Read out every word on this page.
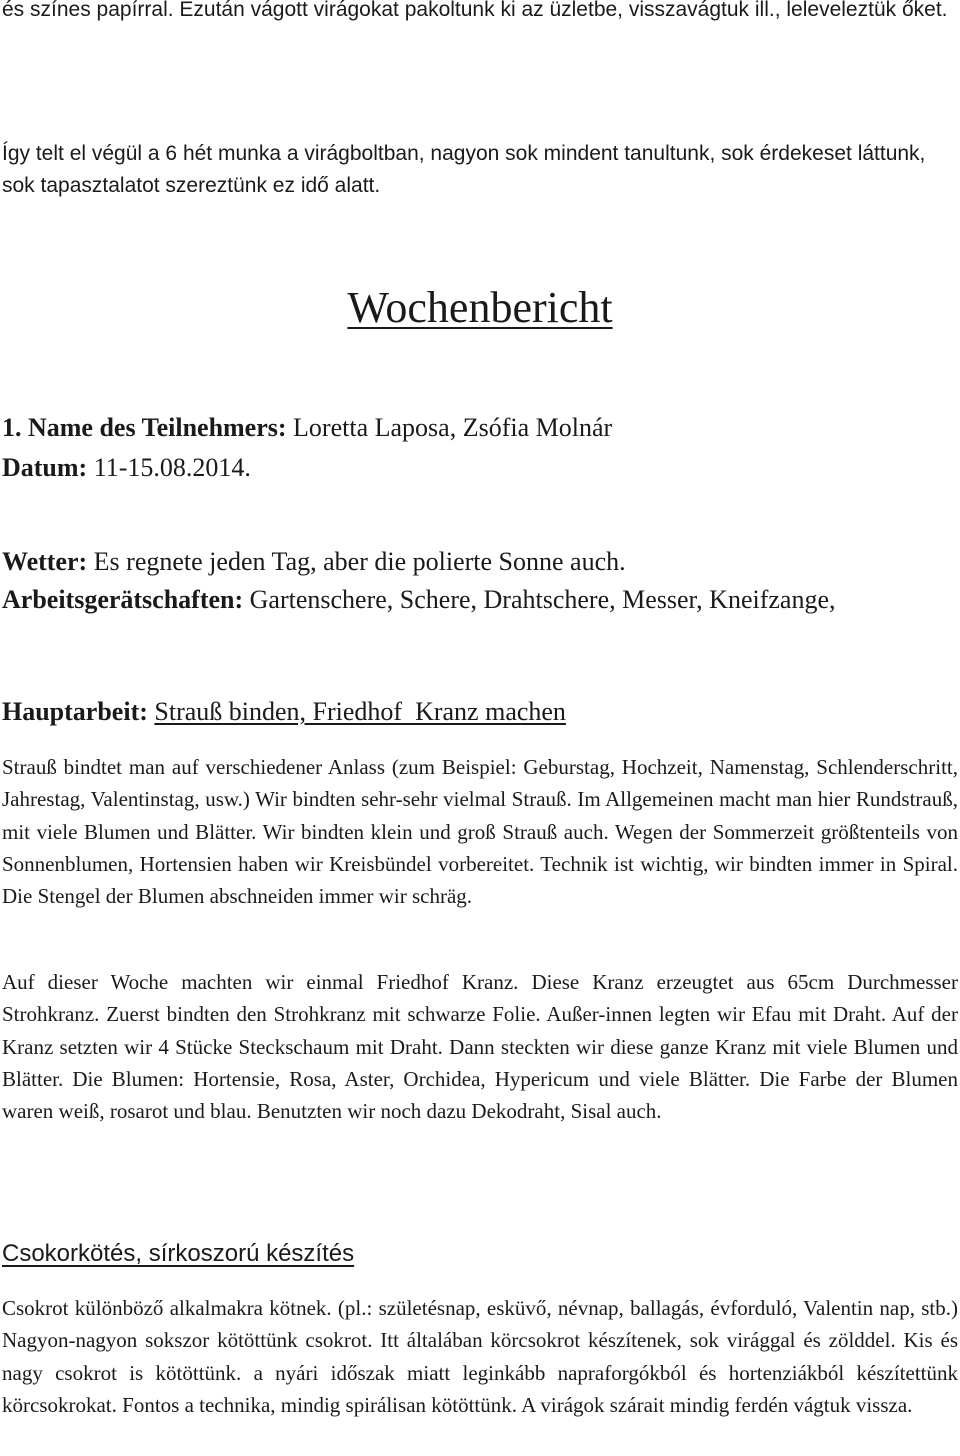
és színes papírral. Ezután vágott virágokat pakoltunk ki az üzletbe, visszavágtuk ill., leleveleztük őket.

Így telt el végül a 6 hét munka a virágboltban, nagyon sok mindent tanultunk, sok érdekeset láttunk, sok tapasztalatot szereztünk ez idő alatt.

Wochenbericht
1. Name des Teilnehmers: Loretta Laposa, Zsófia Molnár
Datum: 11-15.08.2014.
Wetter: Es regnete jeden Tag, aber die polierte Sonne auch.
Arbeitsgerätschaften: Gartenschere, Schere, Drahtschere, Messer, Kneifzange,
Hauptarbeit: Strauß binden, Friedhof  Kranz machen

Strauß bindtet man auf verschiedener Anlass (zum Beispiel: Geburstag, Hochzeit, Namenstag, Schlenderschritt, Jahrestag, Valentinstag, usw.) Wir bindten sehr-sehr vielmal Strauß. Im Allgemeinen macht man hier Rundstrauß, mit viele Blumen und Blätter. Wir bindten klein und groß Strauß auch. Wegen der Sommerzeit größtenteils von Sonnenblumen, Hortensien haben wir Kreisbündel vorbereitet. Technik ist wichtig, wir bindten immer in Spiral. Die Stengel der Blumen abschneiden immer wir schräg.

Auf dieser Woche machten wir einmal Friedhof Kranz. Diese Kranz erzeugtet aus 65cm Durchmesser Strohkranz. Zuerst bindten den Strohkranz mit schwarze Folie. Außer-innen legten wir Efau mit Draht. Auf der Kranz setzten wir 4 Stücke Steckschaum mit Draht. Dann steckten wir diese ganze Kranz mit viele Blumen und Blätter. Die Blumen: Hortensie, Rosa, Aster, Orchidea, Hypericum und viele Blätter. Die Farbe der Blumen waren weiß, rosarot und blau. Benutzten wir noch dazu Dekodraht, Sisal auch.

Csokorkötés, sírkoszorú készítés

Csokrot különböző alkalmakra kötnek. (pl.: születésnap, esküvő, névnap, ballagás, évforduló, Valentin nap, stb.) Nagyon-nagyon sokszor kötöttünk csokrot. Itt általában körcsokrot készítenek, sok virággal és zölddel. Kis és nagy csokrot is kötöttünk. a nyári időszak miatt leginkább napraforgókból és hortenziákból készítettünk körcsokrokat. Fontos a technika, mindig spirálisan kötöttünk. A virágok szárait mindig ferdén vágtuk vissza.
